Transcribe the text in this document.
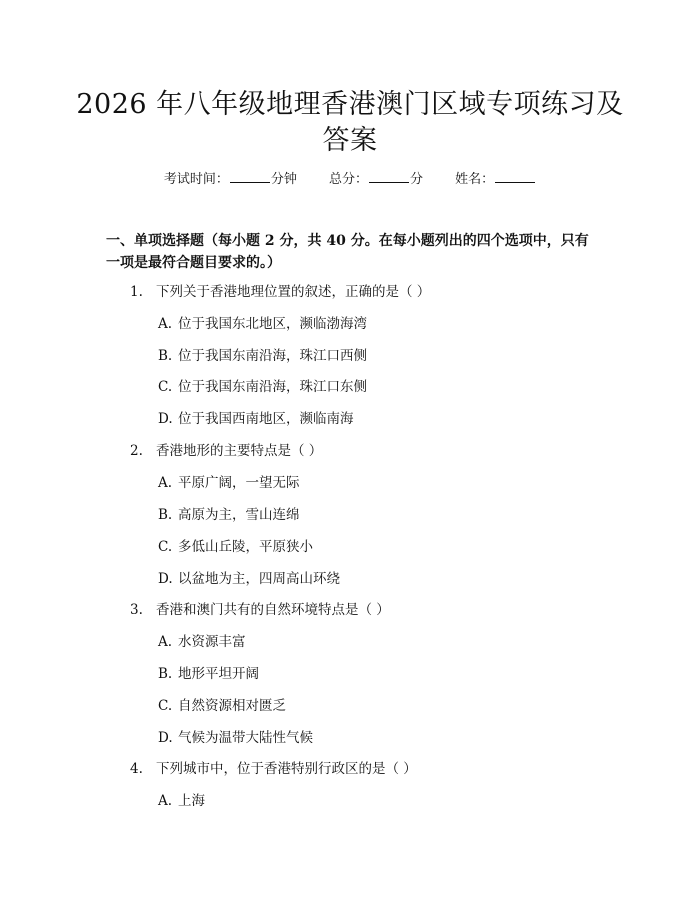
2026 年八年级地理香港澳门区域专项练习及
答案
考试时间：	分钟 总分：	分 姓名：
一、单项选择题（每小题 2 分，共 40 分。在每小题列出的四个选项中，只有一项是最符合题目要求的。）
1. 下列关于香港地理位置的叙述，正确的是（ ）
A. 位于我国东北地区，濒临渤海湾
B. 位于我国东南沿海，珠江口西侧
C. 位于我国东南沿海，珠江口东侧
D. 位于我国西南地区，濒临南海
2. 香港地形的主要特点是（ ）
A. 平原广阔，一望无际
B. 高原为主，雪山连绵
C. 多低山丘陵，平原狭小
D. 以盆地为主，四周高山环绕
3. 香港和澳门共有的自然环境特点是（ ）
A. 水资源丰富
B. 地形平坦开阔
C. 自然资源相对匮乏
D. 气候为温带大陆性气候
4. 下列城市中，位于香港特别行政区的是（ ）
A. 上海
